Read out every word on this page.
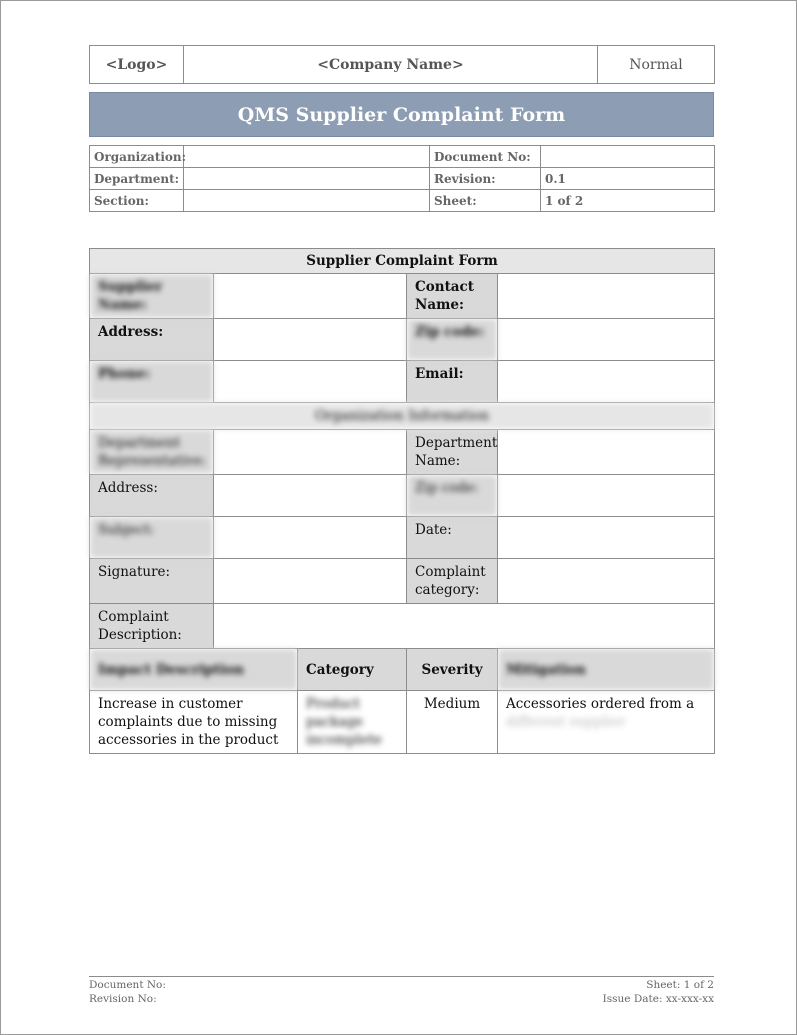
<Logo>	<Company Name>	Normal
QMS Supplier Complaint Form
Organization:		Document No:	
Department:		Revision:	0.1
Section:		Sheet:	1 of 2
Supplier Complaint Form				
Supplier Name:			Contact Name:	
Address:			Zip code:	
Phone:			Email:	
Organization Information				
Department Representative:			Department Name:	
Address:			Zip code:	
Subject:			Date:	
Signature:			Complaint category:	
Complaint Description:				
Impact Description		Category	Severity	Mitigation
Increase in customer complaints due to missing accessories in the product		Product package incomplete	Medium	Accessories ordered from a
different supplier
Document No:
Revision No:
Sheet: 1 of 2
Issue Date: xx-xxx-xx
